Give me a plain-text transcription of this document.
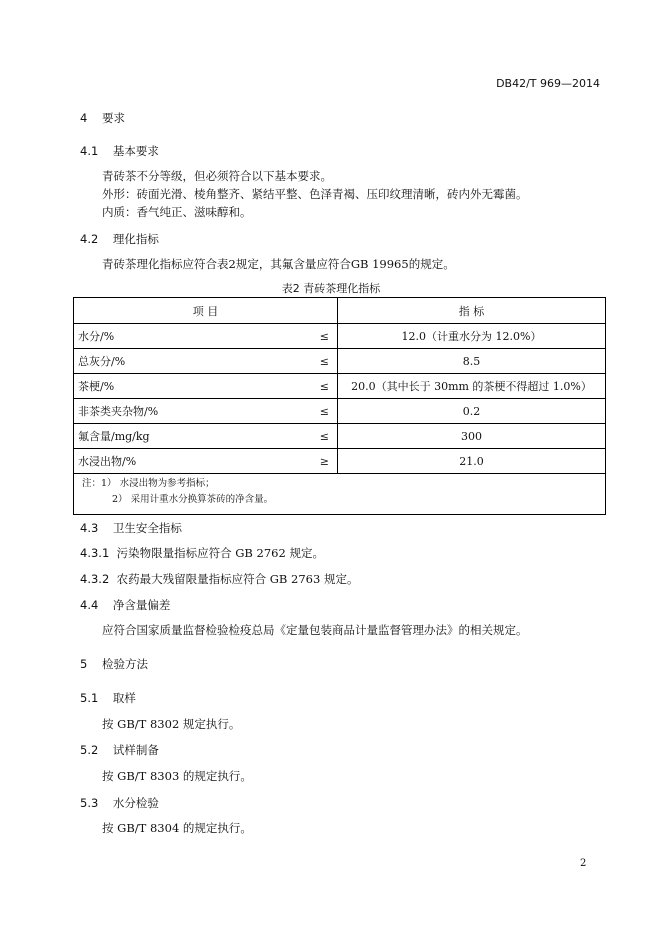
DB42/T 969—2014
4 要求
4.1 基本要求
青砖茶不分等级，但必须符合以下基本要求。
外形：砖面光滑、棱角整齐、紧结平整、色泽青褐、压印纹理清晰，砖内外无霉菌。
内质：香气纯正、滋味醇和。
4.2 理化指标
青砖茶理化指标应符合表2规定，其氟含量应符合GB 19965的规定。
表2 青砖茶理化指标
项 目		指 标
水分/%	≤	12.0（计重水分为 12.0%）
总灰分/%	≤	8.5
茶梗/%	≤	20.0（其中长于 30mm 的茶梗不得超过 1.0%）
非茶类夹杂物/%	≤	0.2
氟含量/mg/kg	≤	300
水浸出物/%	≥	21.0

注：1） 水浸出物为参考指标；
2） 采用计重水分换算茶砖的净含量。		
4.3 卫生安全指标
4.3.1 污染物限量指标应符合 GB 2762 规定。
4.3.2 农药最大残留限量指标应符合 GB 2763 规定。
4.4 净含量偏差
应符合国家质量监督检验检疫总局《定量包装商品计量监督管理办法》的相关规定。
5 检验方法
5.1 取样
按 GB/T 8302 规定执行。
5.2 试样制备
按 GB/T 8303 的规定执行。
5.3 水分检验
按 GB/T 8304 的规定执行。
2
